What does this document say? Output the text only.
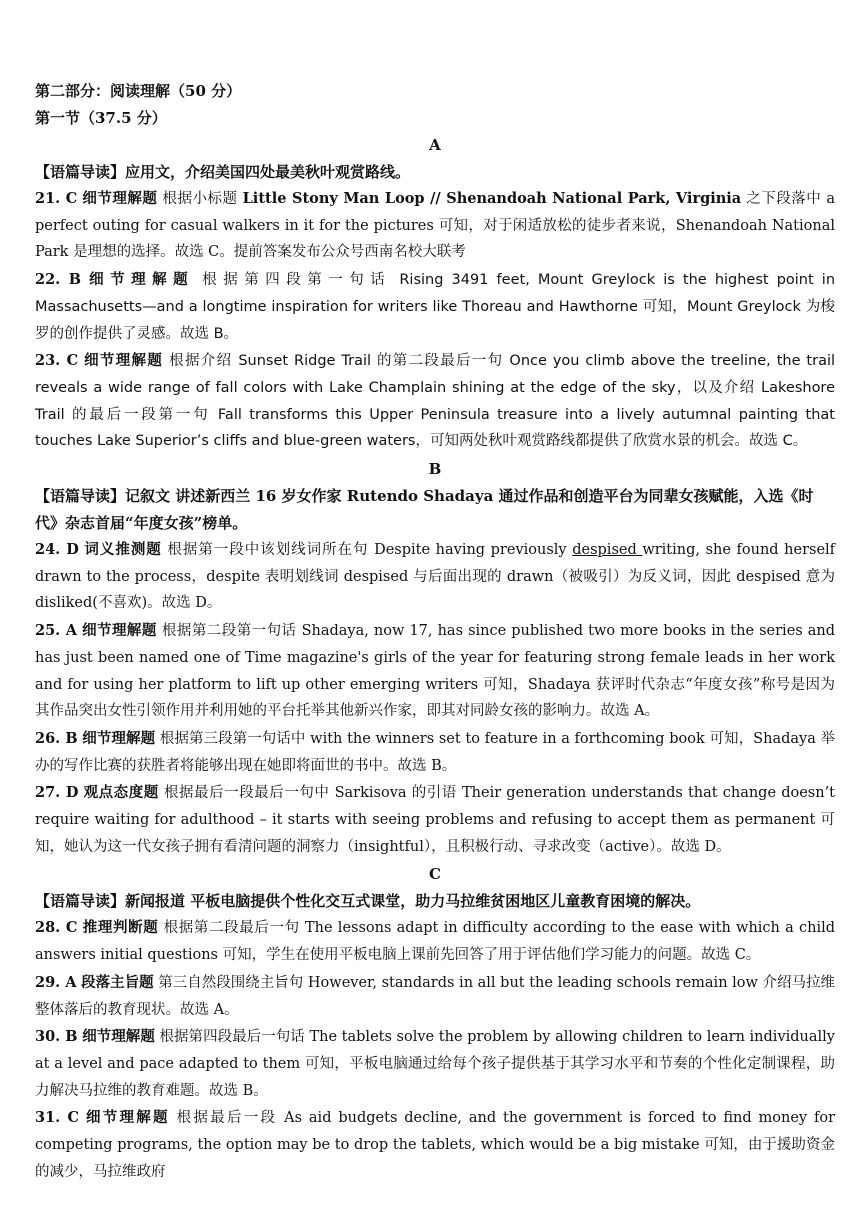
第二部分：阅读理解（50 分）

第一节（37.5 分）

A

【语篇导读】应用文，介绍美国四处最美秋叶观赏路线。

21. C 细节理解题 根据小标题 Little Stony Man Loop // Shenandoah National Park, Virginia 之下段落中 a perfect outing for casual walkers in it for the pictures 可知，对于闲适放松的徒步者来说，Shenandoah National Park 是理想的选择。故选 C。提前答案发布公众号西南名校大联考

22. B 细节理解题 根据第四段第一句话 Rising 3491 feet, Mount Greylock is the highest point in Massachusetts—and a longtime inspiration for writers like Thoreau and Hawthorne 可知，Mount Greylock 为梭罗的创作提供了灵感。故选 B。

23. C 细节理解题 根据介绍 Sunset Ridge Trail 的第二段最后一句 Once you climb above the treeline, the trail reveals a wide range of fall colors with Lake Champlain shining at the edge of the sky，以及介绍 Lakeshore Trail 的最后一段第一句 Fall transforms this Upper Peninsula treasure into a lively autumnal painting that touches Lake Superior’s cliffs and blue-green waters，可知两处秋叶观赏路线都提供了欣赏水景的机会。故选 C。

B

【语篇导读】记叙文 讲述新西兰 16 岁女作家 Rutendo Shadaya 通过作品和创造平台为同辈女孩赋能，入选《时代》杂志首届“年度女孩”榜单。

24. D 词义推测题 根据第一段中该划线词所在句 Despite having previously despised writing, she found herself drawn to the process，despite 表明划线词 despised 与后面出现的 drawn（被吸引）为反义词，因此 despised 意为 disliked(不喜欢)。故选 D。

25. A 细节理解题 根据第二段第一句话 Shadaya, now 17, has since published two more books in the series and has just been named one of Time magazine's girls of the year for featuring strong female leads in her work and for using her platform to lift up other emerging writers 可知，Shadaya 获评时代杂志“年度女孩”称号是因为其作品突出女性引领作用并利用她的平台托举其他新兴作家，即其对同龄女孩的影响力。故选 A。

26. B 细节理解题 根据第三段第一句话中 with the winners set to feature in a forthcoming book 可知，Shadaya 举办的写作比赛的获胜者将能够出现在她即将面世的书中。故选 B。

27. D 观点态度题 根据最后一段最后一句中 Sarkisova 的引语 Their generation understands that change doesn’t require waiting for adulthood – it starts with seeing problems and refusing to accept them as permanent 可知，她认为这一代女孩子拥有看清问题的洞察力（insightful），且积极行动、寻求改变（active）。故选 D。

C

【语篇导读】新闻报道 平板电脑提供个性化交互式课堂，助力马拉维贫困地区儿童教育困境的解决。

28. C 推理判断题 根据第二段最后一句 The lessons adapt in difficulty according to the ease with which a child answers initial questions 可知，学生在使用平板电脑上课前先回答了用于评估他们学习能力的问题。故选 C。

29. A 段落主旨题 第三自然段围绕主旨句 However, standards in all but the leading schools remain low 介绍马拉维整体落后的教育现状。故选 A。

30. B 细节理解题 根据第四段最后一句话 The tablets solve the problem by allowing children to learn individually at a level and pace adapted to them 可知，平板电脑通过给每个孩子提供基于其学习水平和节奏的个性化定制课程，助力解决马拉维的教育难题。故选 B。

31. C 细节理解题 根据最后一段 As aid budgets decline, and the government is forced to find money for competing programs, the option may be to drop the tablets, which would be a big mistake 可知，由于援助资金的减少，马拉维政府
